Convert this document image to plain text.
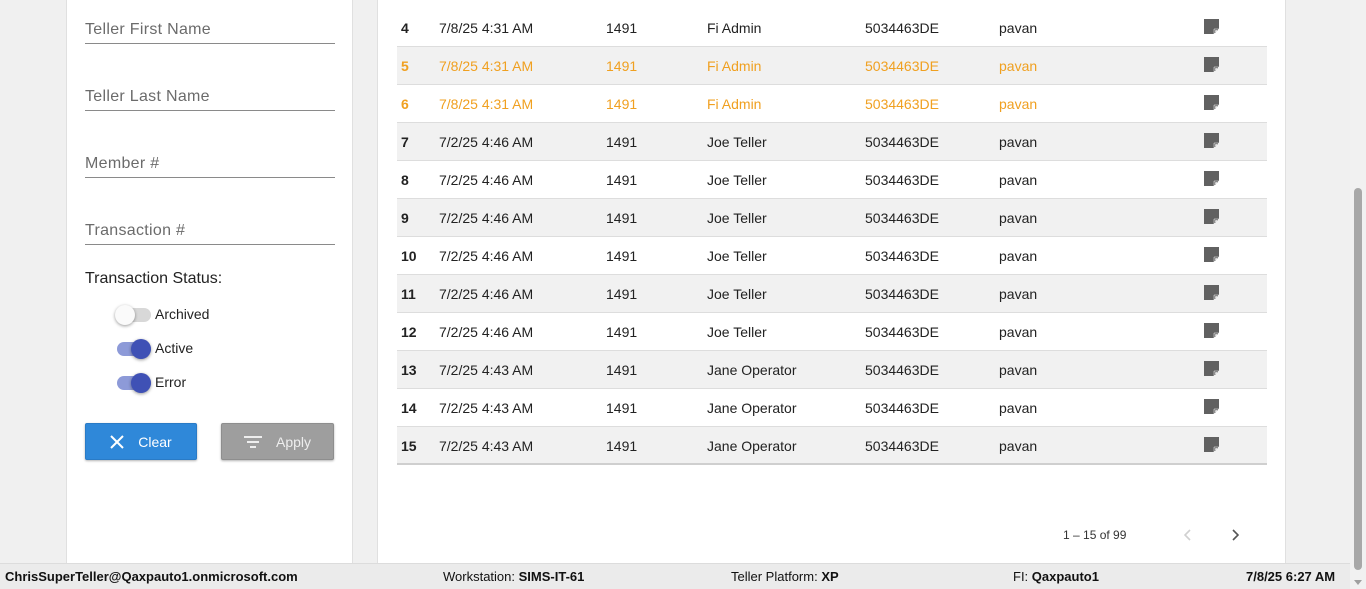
Teller First Name
Teller Last Name
Member #
Transaction #
Transaction Status:
Archived
Active
Error
Clear	Apply
4 7/8/25 4:31 AM	1491	Fi Admin	5034463DE	pavan
5 7/8/25 4:31 AM	1491	Fi Admin	5034463DE	pavan
6 7/8/25 4:31 AM	1491	Fi Admin	5034463DE	pavan
7 7/2/25 4:46 AM	1491	Joe Teller	5034463DE	pavan
8 7/2/25 4:46 AM	1491	Joe Teller	5034463DE	pavan
9 7/2/25 4:46 AM	1491	Joe Teller	5034463DE	pavan
10 7/2/25 4:46 AM	1491	Joe Teller	5034463DE	pavan
11 7/2/25 4:46 AM	1491	Joe Teller	5034463DE	pavan
12 7/2/25 4:46 AM	1491	Joe Teller	5034463DE	pavan
13 7/2/25 4:43 AM	1491	Jane Operator	5034463DE	pavan
14 7/2/25 4:43 AM	1491	Jane Operator	5034463DE	pavan
15 7/2/25 4:43 AM	1491	Jane Operator	5034463DE	pavan
1 – 15 of 99
ChrisSuperTeller@Qaxpauto1.onmicrosoft.com	Workstation: SIMS-IT-61	Teller Platform: XP	FI: Qaxpauto1	7/8/25 6:27 AM
